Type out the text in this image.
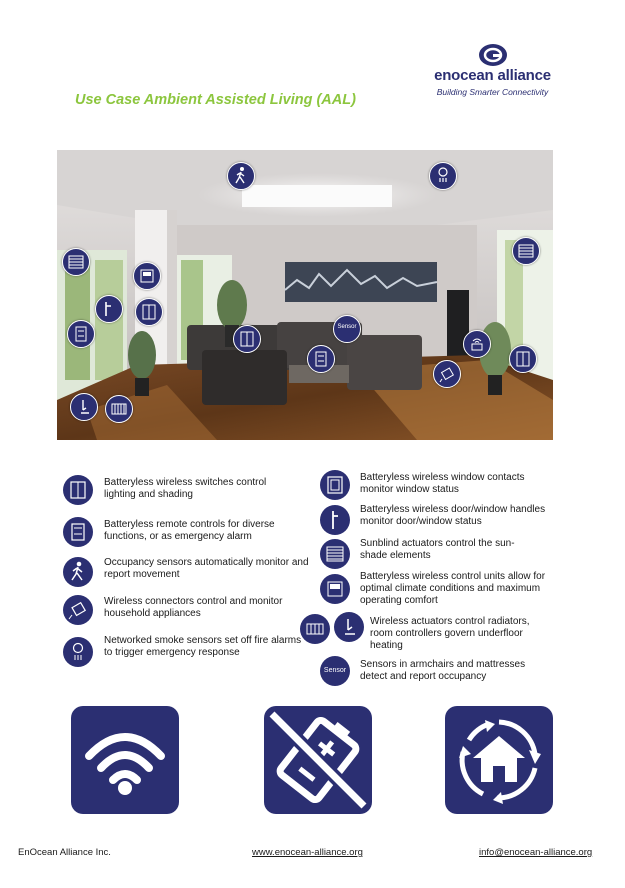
enocean alliance
Building Smarter Connectivity
Use Case Ambient Assisted Living (AAL)
Sensor
Batteryless wireless switches control lighting and shading
Batteryless remote controls for diverse functions, or as emergency alarm
Occupancy sensors automatically monitor and report movement
Wireless connectors control and monitor household appliances
Networked smoke sensors set off fire alarms to trigger emergency response
Batteryless wireless window contacts monitor window status
Batteryless wireless door/window handles monitor door/window status
Sunblind actuators control the sun-shade elements
Batteryless wireless control units allow for optimal climate conditions and maximum operating comfort
Wireless actuators control radiators, room controllers govern underfloor heating
Sensor
Sensors in armchairs and mattresses detect and report occupancy
EnOcean Alliance Inc.	www.enocean-alliance.org	info@enocean-alliance.org
